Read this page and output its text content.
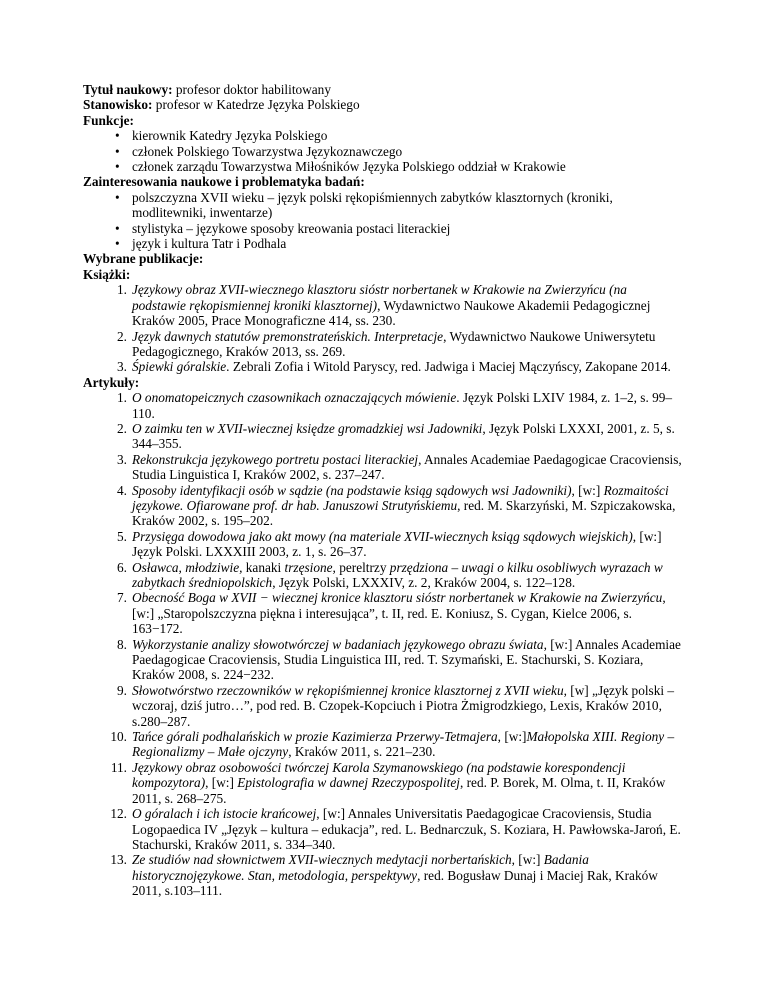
Tytuł naukowy: profesor doktor habilitowany

Stanowisko: profesor w Katedrze Języka Polskiego

Funkcje:

• kierownik Katedry Języka Polskiego
• członek Polskiego Towarzystwa Językoznawczego
• członek zarządu Towarzystwa Miłośników Języka Polskiego oddział w Krakowie

Zainteresowania naukowe i problematyka badań:

• polszczyzna XVII wieku – język polski rękopiśmiennych zabytków klasztornych (kroniki, modlitewniki, inwentarze)
• stylistyka – językowe sposoby kreowania postaci literackiej
• język i kultura Tatr i Podhala

Wybrane publikacje:

Książki:

1. Językowy obraz XVII-wiecznego klasztoru sióstr norbertanek w Krakowie na Zwierzyńcu (na podstawie rękopismiennej kroniki klasztornej), Wydawnictwo Naukowe Akademii Pedagogicznej Kraków 2005, Prace Monograficzne 414, ss. 230.
2. Język dawnych statutów premonstrateńskich. Interpretacje, Wydawnictwo Naukowe Uniwersytetu Pedagogicznego, Kraków 2013, ss. 269.
3. Śpiewki góralskie. Zebrali Zofia i Witold Paryscy, red. Jadwiga i Maciej Mączyńscy, Zakopane 2014.

Artykuły:

1. O onomatopeicznych czasownikach oznaczających mówienie. Język Polski LXIV 1984, z. 1–2, s. 99–110.
2. O zaimku ten w XVII-wiecznej księdze gromadzkiej wsi Jadowniki, Język Polski LXXXI, 2001, z. 5, s. 344–355.
3. Rekonstrukcja językowego portretu postaci literackiej, Annales Academiae Paedagogicae Cracoviensis, Studia Linguistica I, Kraków 2002, s. 237–247.
4. Sposoby identyfikacji osób w sądzie (na podstawie ksiąg sądowych wsi Jadowniki), [w:] Rozmaitości językowe. Ofiarowane prof. dr hab. Januszowi Strutyńskiemu, red. M. Skarzyński, M. Szpiczakowska, Kraków 2002, s. 195–202.
5. Przysięga dowodowa jako akt mowy (na materiale XVII-wiecznych ksiąg sądowych wiejskich), [w:] Język Polski. LXXXIII 2003, z. 1, s. 26–37.
6. Osławca, młodziwie, kanaki trzęsione, pereltrzy przędziona – uwagi o kilku osobliwych wyrazach w zabytkach średniopolskich, Język Polski, LXXXIV, z. 2, Kraków 2004, s. 122–128.
7. Obecność Boga w XVII − wiecznej kronice klasztoru sióstr norbertanek w Krakowie na Zwierzyńcu, [w:] „Staropolszczyzna piękna i interesująca”, t. II, red. E. Koniusz, S. Cygan, Kielce 2006, s. 163−172.
8. Wykorzystanie analizy słowotwórczej w badaniach językowego obrazu świata, [w:] Annales Academiae Paedagogicae Cracoviensis, Studia Linguistica III, red. T. Szymański, E. Stachurski, S. Koziara, Kraków 2008, s. 224−232.
9. Słowotwórstwo rzeczowników w rękopiśmiennej kronice klasztornej z XVII wieku, [w] „Język polski – wczoraj, dziś jutro…”, pod red. B. Czopek-Kopciuch i Piotra Żmigrodzkiego, Lexis, Kraków 2010, s.280–287.
10. Tańce górali podhalańskich w prozie Kazimierza Przerwy-Tetmajera, [w:]Małopolska XIII. Regiony – Regionalizmy – Małe ojczyny, Kraków 2011, s. 221–230.
11. Językowy obraz osobowości twórczej Karola Szymanowskiego (na podstawie korespondencji kompozytora), [w:] Epistolografia w dawnej Rzeczypospolitej, red. P. Borek, M. Olma, t. II, Kraków 2011, s. 268–275.
12. O góralach i ich istocie krańcowej, [w:] Annales Universitatis Paedagogicae Cracoviensis, Studia Logopaedica IV „Język – kultura – edukacja”, red. L. Bednarczuk, S. Koziara, H. Pawłowska-Jaroń, E. Stachurski, Kraków 2011, s. 334–340.
13. Ze studiów nad słownictwem XVII-wiecznych medytacji norbertańskich, [w:] Badania historycznojęzykowe. Stan, metodologia, perspektywy, red. Bogusław Dunaj i Maciej Rak, Kraków 2011, s.103–111.
